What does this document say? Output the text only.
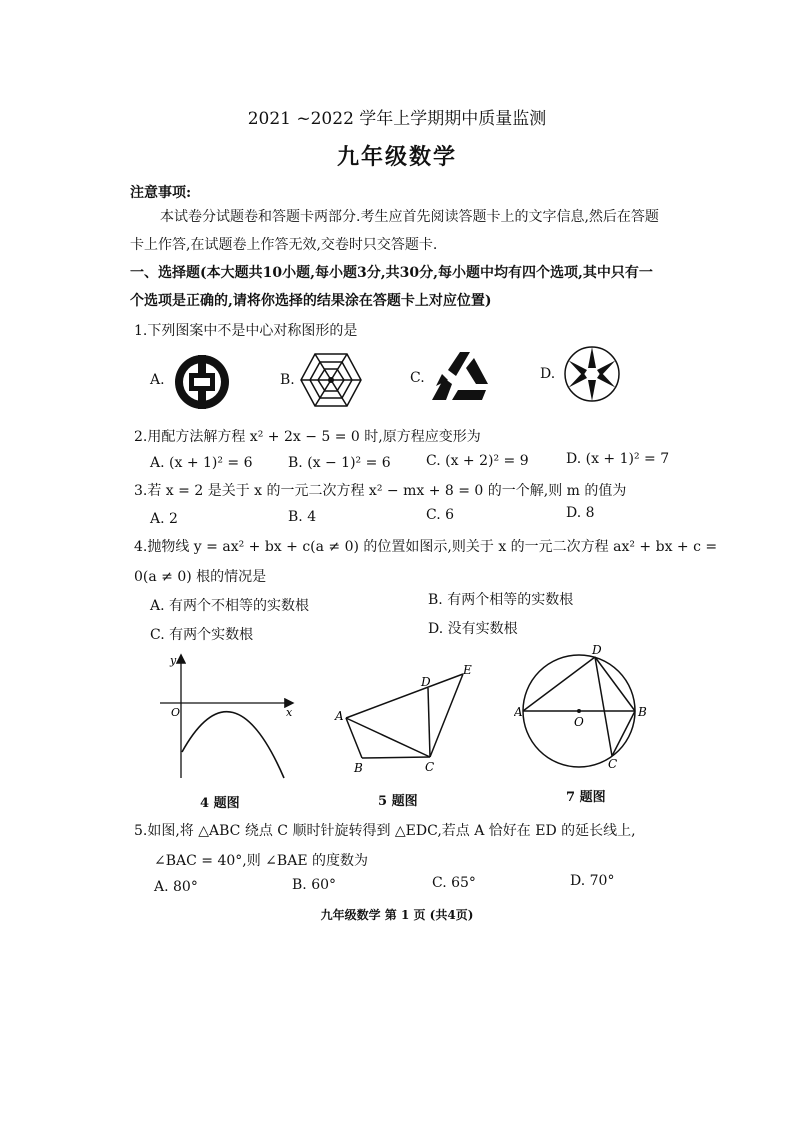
2021 ~2022 学年上学期期中质量监测
九年级数学
注意事项:
本试卷分试题卷和答题卡两部分.考生应首先阅读答题卡上的文字信息,然后在答题
卡上作答,在试题卷上作答无效,交卷时只交答题卡.
一、选择题(本大题共10小题,每小题3分,共30分,每小题中均有四个选项,其中只有一
个选项是正确的,请将你选择的结果涂在答题卡上对应位置)
1.下列图案中不是中心对称图形的是
A.	B.	C.	D.
2.用配方法解方程 x² + 2x − 5 = 0 时,原方程应变形为
A. (x + 1)² = 6	B. (x − 1)² = 6	C. (x + 2)² = 9	D. (x + 1)² = 7
3.若 x = 2 是关于 x 的一元二次方程 x² − mx + 8 = 0 的一个解,则 m 的值为
A. 2	B. 4	C. 6	D. 8
4.抛物线 y = ax² + bx + c(a ≠ 0) 的位置如图示,则关于 x 的一元二次方程 ax² + bx + c =
0(a ≠ 0) 根的情况是
A. 有两个不相等的实数根	B. 有两个相等的实数根
C. 有两个实数根	D. 没有实数根
y
x
O
4 题图
A
B	C
D
E
5 题图
A	B
C
D
O
7 题图
5.如图,将 △ABC 绕点 C 顺时针旋转得到 △EDC,若点 A 恰好在 ED 的延长线上,
∠BAC = 40°,则 ∠BAE 的度数为
A. 80°	B. 60°	C. 65°	D. 70°
九年级数学 第 1 页 (共4页)
